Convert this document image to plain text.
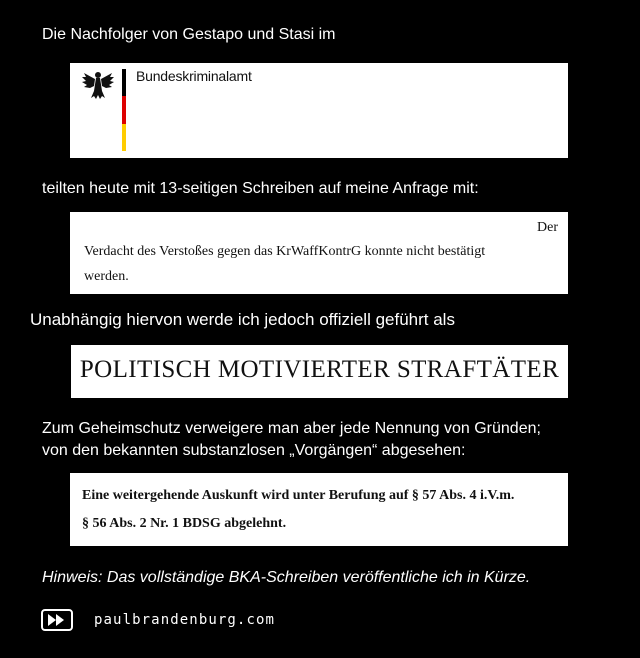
Die Nachfolger von Gestapo und Stasi im
Bundeskriminalamt
teilten heute mit 13-seitigen Schreiben auf meine Anfrage mit:
Der
Verdacht des Verstoßes gegen das KrWaffKontrG konnte nicht bestätigt
werden.
Unabhängig hiervon werde ich jedoch offiziell geführt als
POLITISCH MOTIVIERTER STRAFTÄTER
Zum Geheimschutz verweigere man aber jede Nennung von Gründen;
von den bekannten substanzlosen „Vorgängen“ abgesehen:
Eine weitergehende Auskunft wird unter Berufung auf § 57 Abs. 4 i.V.m.
§ 56 Abs. 2 Nr. 1 BDSG abgelehnt.
Hinweis: Das vollständige BKA-Schreiben veröffentliche ich in Kürze.
paulbrandenburg.com
